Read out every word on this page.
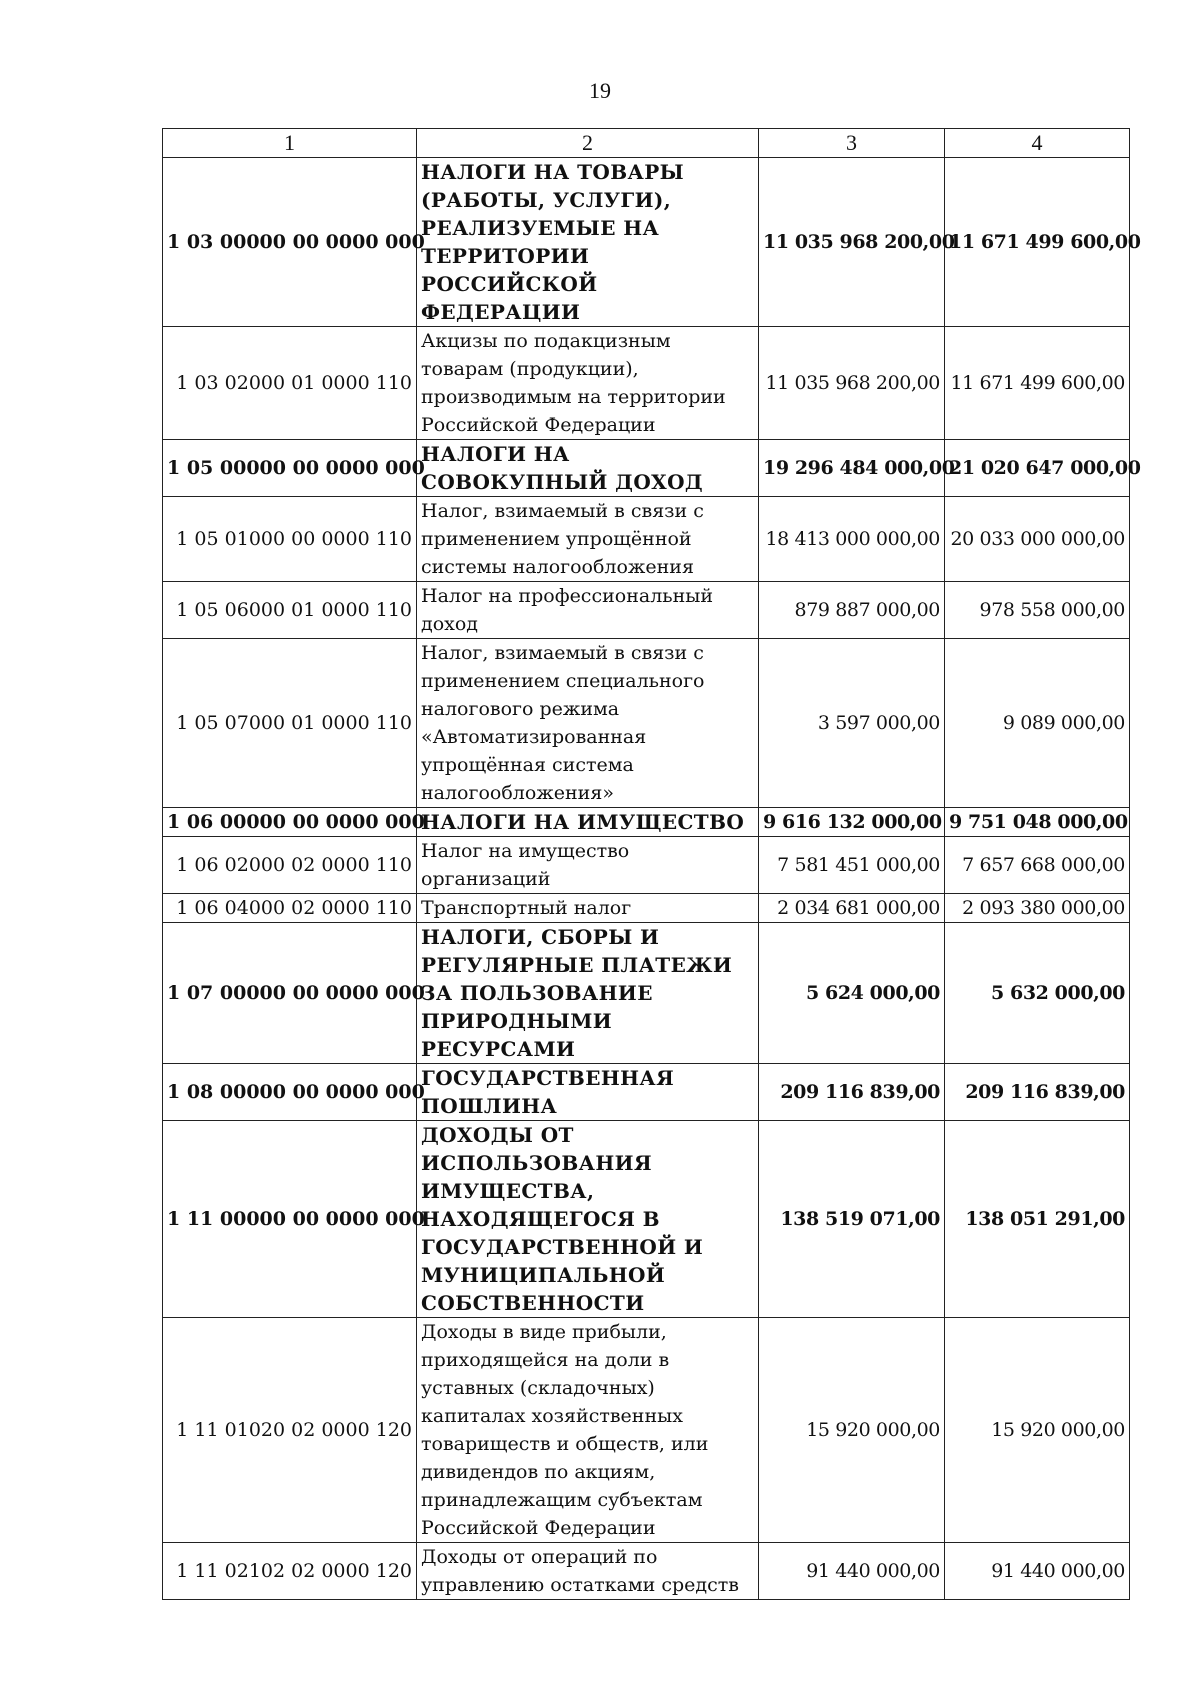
19
1	2	3	4
1 03 00000 00 0000 000	НАЛОГИ НА ТОВАРЫ (РАБОТЫ, УСЛУГИ), РЕАЛИЗУЕМЫЕ НА ТЕРРИТОРИИ РОССИЙСКОЙ ФЕДЕРАЦИИ	11 035 968 200,00	11 671 499 600,00
1 03 02000 01 0000 110	Акцизы по подакцизным товарам (продукции), производимым на территории Российской Федерации	11 035 968 200,00	11 671 499 600,00
1 05 00000 00 0000 000	НАЛОГИ НА СОВОКУПНЫЙ ДОХОД	19 296 484 000,00	21 020 647 000,00
1 05 01000 00 0000 110	Налог, взимаемый в связи с применением упрощённой системы налогообложения	18 413 000 000,00	20 033 000 000,00
1 05 06000 01 0000 110	Налог на профессиональный доход	879 887 000,00	978 558 000,00
1 05 07000 01 0000 110	Налог, взимаемый в связи с применением специального налогового режима «Автоматизированная упрощённая система налогообложения»	3 597 000,00	9 089 000,00
1 06 00000 00 0000 000	НАЛОГИ НА ИМУЩЕСТВО	9 616 132 000,00	9 751 048 000,00
1 06 02000 02 0000 110	Налог на имущество организаций	7 581 451 000,00	7 657 668 000,00
1 06 04000 02 0000 110	Транспортный налог	2 034 681 000,00	2 093 380 000,00
1 07 00000 00 0000 000	НАЛОГИ, СБОРЫ И РЕГУЛЯРНЫЕ ПЛАТЕЖИ ЗА ПОЛЬЗОВАНИЕ ПРИРОДНЫМИ РЕСУРСАМИ	5 624 000,00	5 632 000,00
1 08 00000 00 0000 000	ГОСУДАРСТВЕННАЯ ПОШЛИНА	209 116 839,00	209 116 839,00
1 11 00000 00 0000 000	ДОХОДЫ ОТ ИСПОЛЬЗОВАНИЯ ИМУЩЕСТВА, НАХОДЯЩЕГОСЯ В ГОСУДАРСТВЕННОЙ И МУНИЦИПАЛЬНОЙ СОБСТВЕННОСТИ	138 519 071,00	138 051 291,00
1 11 01020 02 0000 120	Доходы в виде прибыли, приходящейся на доли в уставных (складочных) капиталах хозяйственных товариществ и обществ, или дивидендов по акциям, принадлежащим субъектам Российской Федерации	15 920 000,00	15 920 000,00
1 11 02102 02 0000 120	Доходы от операций по управлению остатками средств	91 440 000,00	91 440 000,00
